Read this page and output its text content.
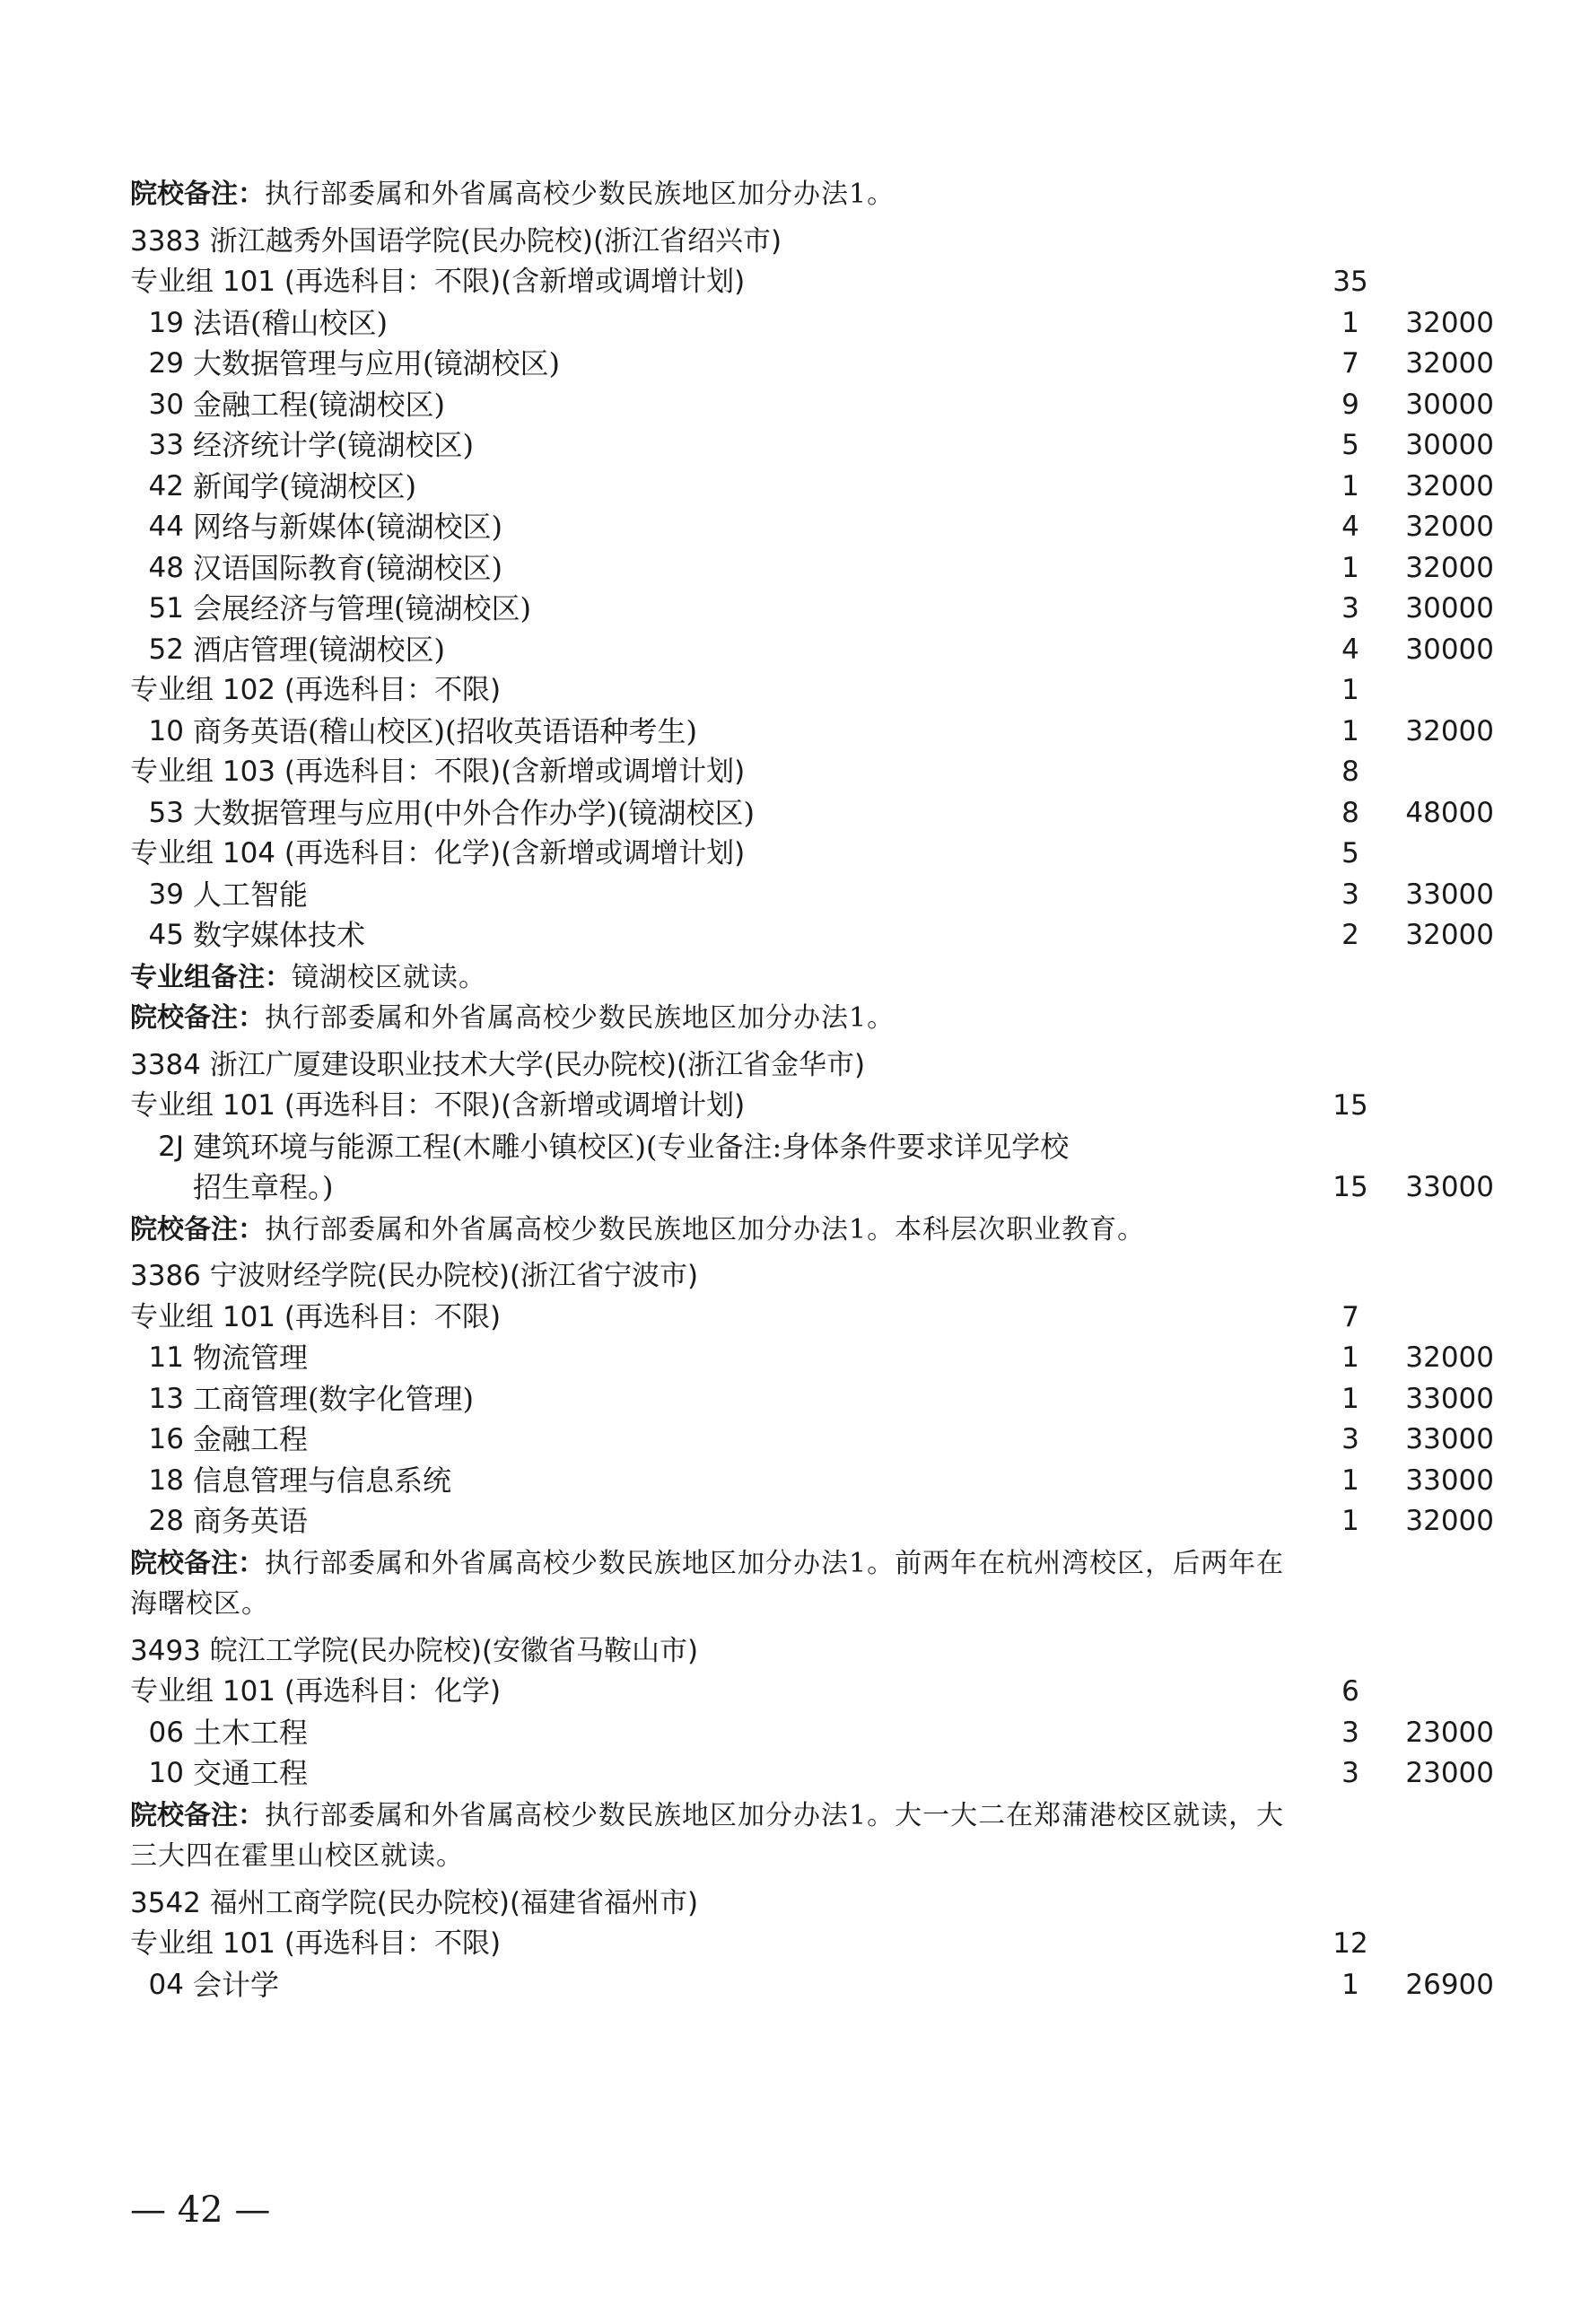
院校备注：执行部委属和外省属高校少数民族地区加分办法1。
3383 浙江越秀外国语学院(民办院校)(浙江省绍兴市)
专业组 101 (再选科目：不限)(含新增或调增计划)	35
19 法语(稽山校区)	1	32000
29 大数据管理与应用(镜湖校区)	7	32000
30 金融工程(镜湖校区)	9	30000
33 经济统计学(镜湖校区)	5	30000
42 新闻学(镜湖校区)	1	32000
44 网络与新媒体(镜湖校区)	4	32000
48 汉语国际教育(镜湖校区)	1	32000
51 会展经济与管理(镜湖校区)	3	30000
52 酒店管理(镜湖校区)	4	30000
专业组 102 (再选科目：不限)	1
10 商务英语(稽山校区)(招收英语语种考生)	1	32000
专业组 103 (再选科目：不限)(含新增或调增计划)	8
53 大数据管理与应用(中外合作办学)(镜湖校区)	8	48000
专业组 104 (再选科目：化学)(含新增或调增计划)	5
39 人工智能	3	33000
45 数字媒体技术	2	32000
专业组备注：镜湖校区就读。
院校备注：执行部委属和外省属高校少数民族地区加分办法1。
3384 浙江广厦建设职业技术大学(民办院校)(浙江省金华市)
专业组 101 (再选科目：不限)(含新增或调增计划)	15
2J 建筑环境与能源工程(木雕小镇校区)(专业备注:身体条件要求详见学校
招生章程。)	15	33000
院校备注：执行部委属和外省属高校少数民族地区加分办法1。本科层次职业教育。
3386 宁波财经学院(民办院校)(浙江省宁波市)
专业组 101 (再选科目：不限)	7
11 物流管理	1	32000
13 工商管理(数字化管理)	1	33000
16 金融工程	3	33000
18 信息管理与信息系统	1	33000
28 商务英语	1	32000
院校备注：执行部委属和外省属高校少数民族地区加分办法1。前两年在杭州湾校区，后两年在
海曙校区。
3493 皖江工学院(民办院校)(安徽省马鞍山市)
专业组 101 (再选科目：化学)	6
06 土木工程	3	23000
10 交通工程	3	23000
院校备注：执行部委属和外省属高校少数民族地区加分办法1。大一大二在郑蒲港校区就读，大
三大四在霍里山校区就读。
3542 福州工商学院(民办院校)(福建省福州市)
专业组 101 (再选科目：不限)	12
04 会计学	1	26900
— 42 —
